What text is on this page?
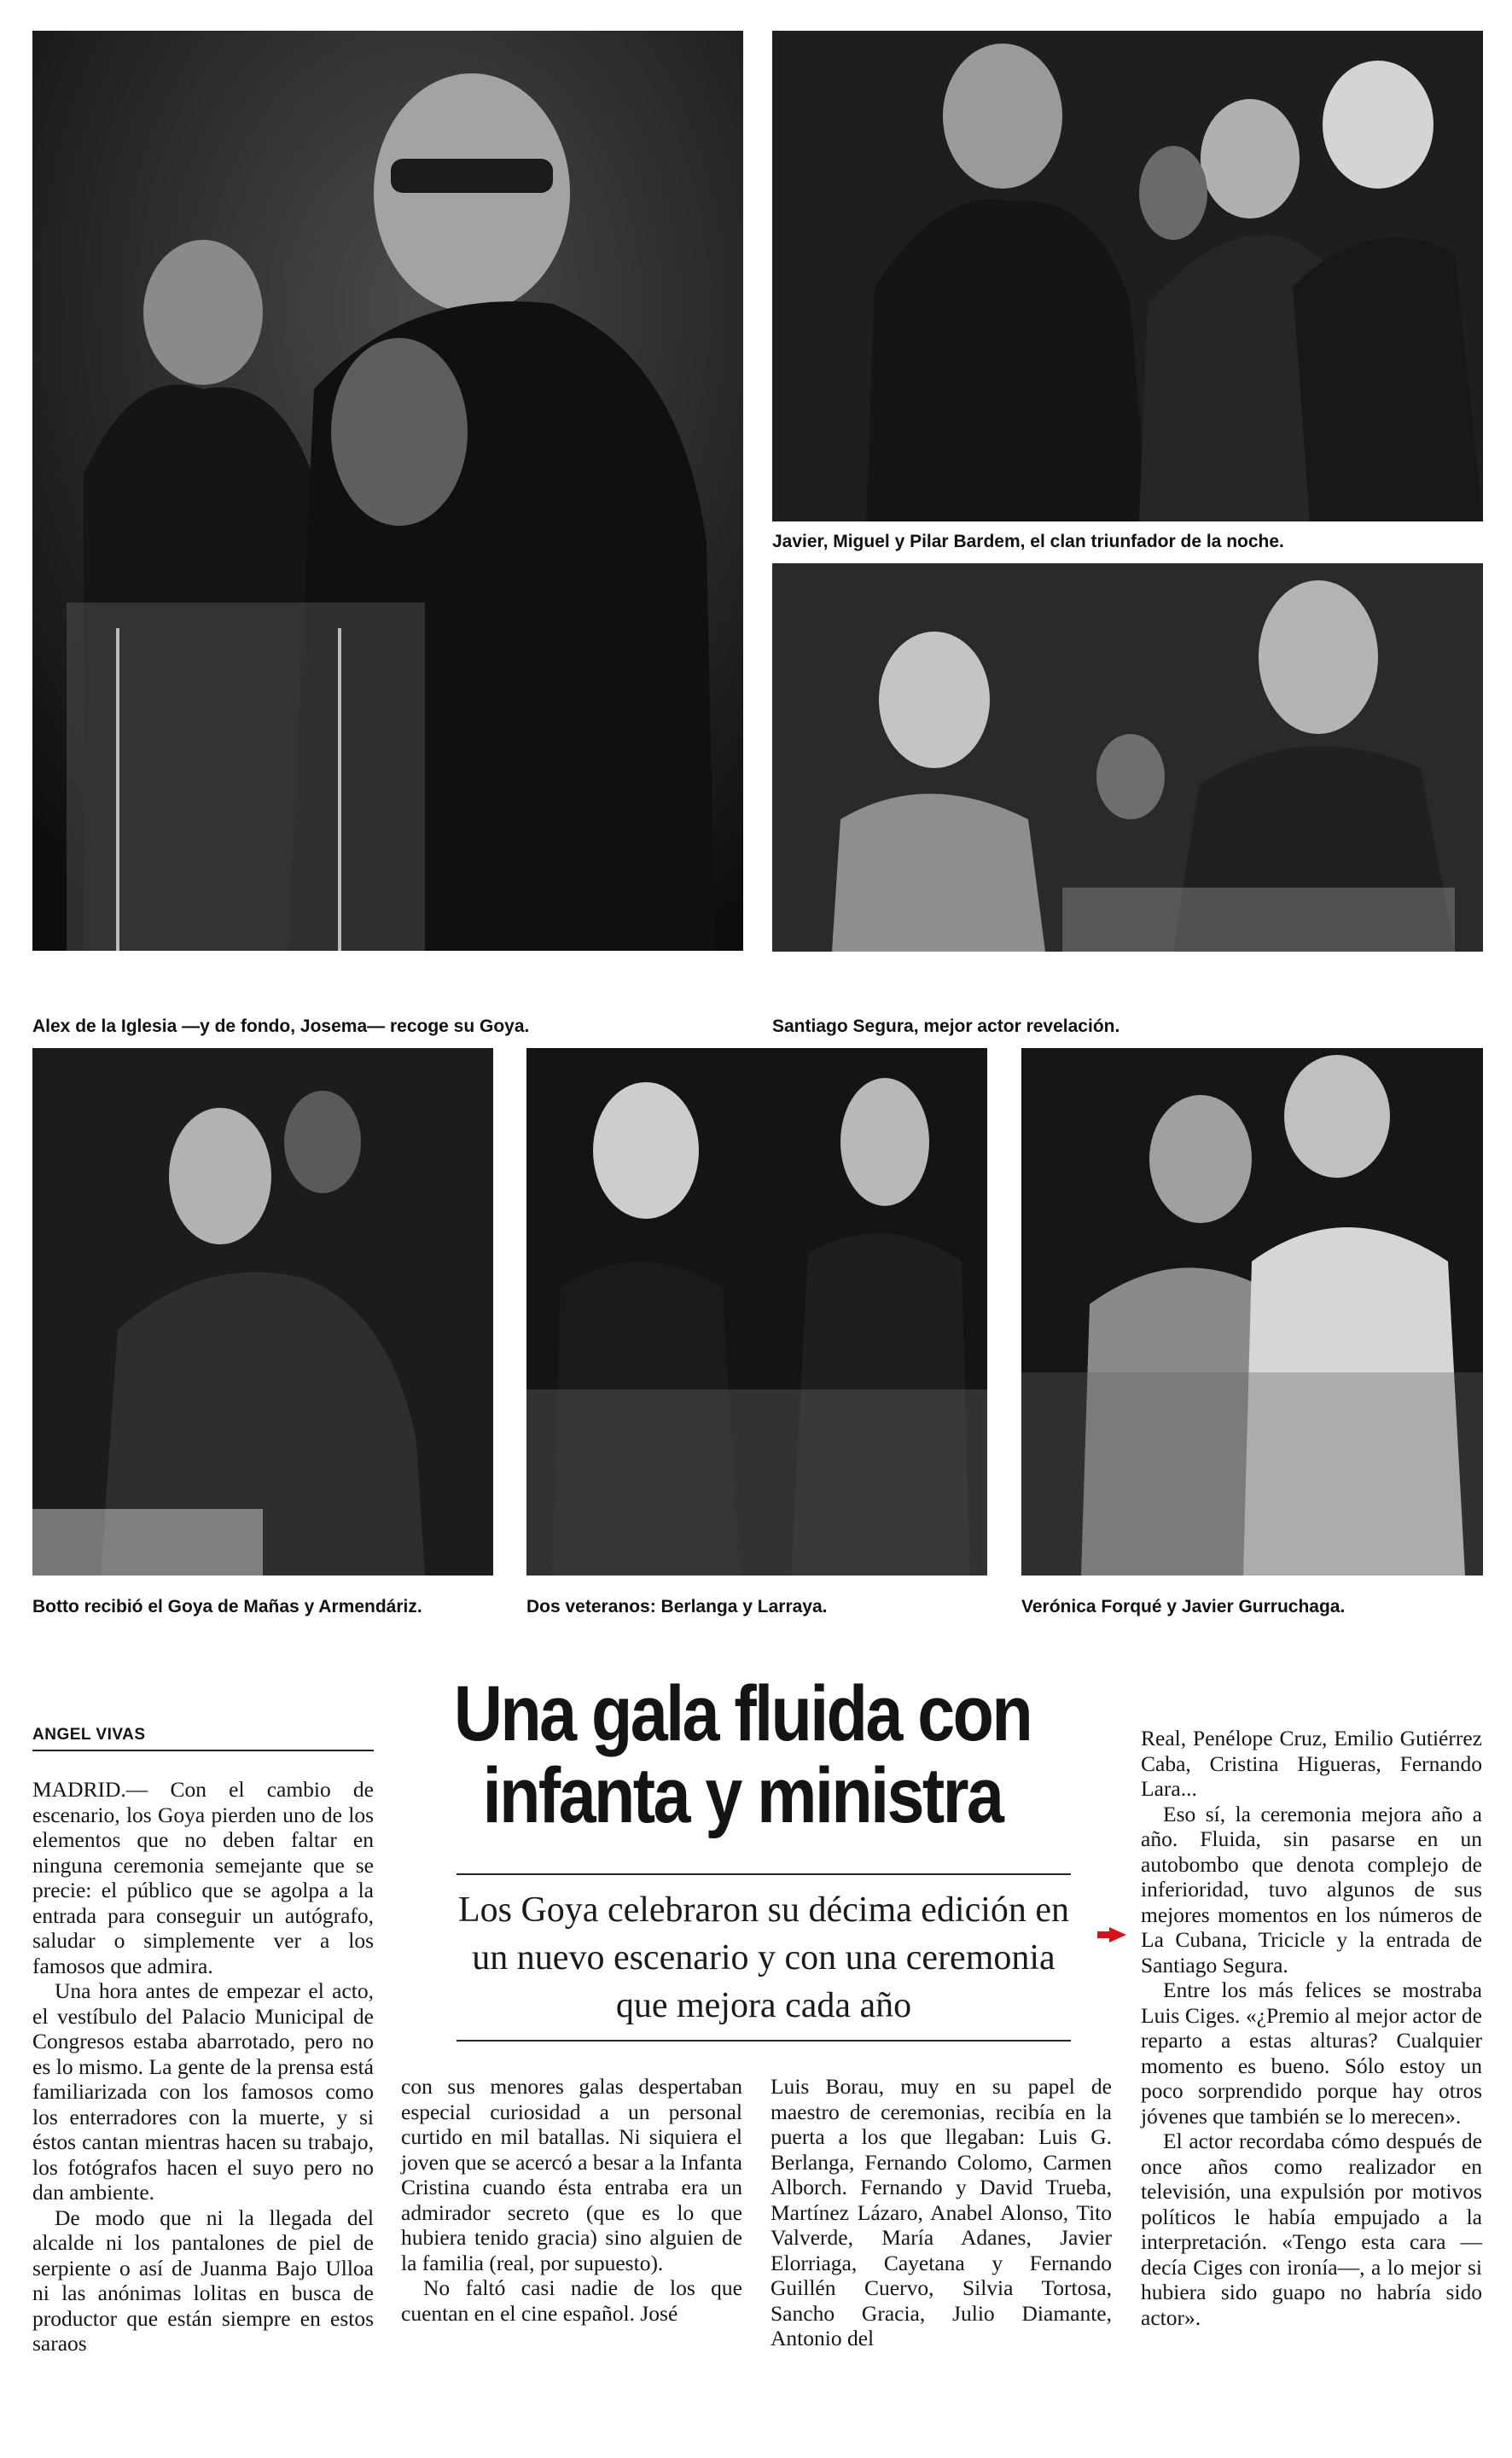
Alex de la Iglesia —y de fondo, Josema— recoge su Goya.
Javier, Miguel y Pilar Bardem, el clan triunfador de la noche.
Santiago Segura, mejor actor revelación.
Botto recibió el Goya de Mañas y Armendáriz.	Dos veteranos: Berlanga y Larraya.	Verónica Forqué y Javier Gurruchaga.
ANGEL VIVAS	Una gala fluida con
infanta y ministra
Los Goya celebraron su décima edición en un nuevo escenario y con una ceremonia que mejora cada año

MADRID.— Con el cambio de escenario, los Goya pierden uno de los elementos que no deben faltar en ninguna ceremonia semejante que se precie: el público que se agolpa a la entrada para conseguir un autógrafo, saludar o simplemente ver a los famosos que admira.

Una hora antes de empezar el acto, el vestíbulo del Palacio Municipal de Congresos estaba abarrotado, pero no es lo mismo. La gente de la prensa está familiarizada con los famosos como los enterradores con la muerte, y si éstos cantan mientras hacen su trabajo, los fotógrafos hacen el suyo pero no dan ambiente.

De modo que ni la llegada del alcalde ni los pantalones de piel de serpiente o así de Juanma Bajo Ulloa ni las anónimas lolitas en busca de productor que están siempre en estos saraos

con sus menores galas despertaban especial curiosidad a un personal curtido en mil batallas. Ni siquiera el joven que se acercó a besar a la Infanta Cristina cuando ésta entraba era un admirador secreto (que es lo que hubiera tenido gracia) sino alguien de la familia (real, por supuesto).

No faltó casi nadie de los que cuentan en el cine español. José

Luis Borau, muy en su papel de maestro de ceremonias, recibía en la puerta a los que llegaban: Luis G. Berlanga, Fernando Colomo, Carmen Alborch. Fernando y David Trueba, Martínez Lázaro, Anabel Alonso, Tito Valverde, María Adanes, Javier Elorriaga, Cayetana y Fernando Guillén Cuervo, Silvia Tortosa, Sancho Gracia, Julio Diamante, Antonio del

Real, Penélope Cruz, Emilio Gutiérrez Caba, Cristina Higueras, Fernando Lara...

Eso sí, la ceremonia mejora año a año. Fluida, sin pasarse en un autobombo que denota complejo de inferioridad, tuvo algunos de sus mejores momentos en los números de La Cubana, Tricicle y la entrada de Santiago Segura.

Entre los más felices se mostraba Luis Ciges. «¿Premio al mejor actor de reparto a estas alturas? Cualquier momento es bueno. Sólo estoy un poco sorprendido porque hay otros jóvenes que también se lo merecen».

El actor recordaba cómo después de once años como realizador en televisión, una expulsión por motivos políticos le había empujado a la interpretación. «Tengo esta cara —decía Ciges con ironía—, a lo mejor si hubiera sido guapo no habría sido actor».
